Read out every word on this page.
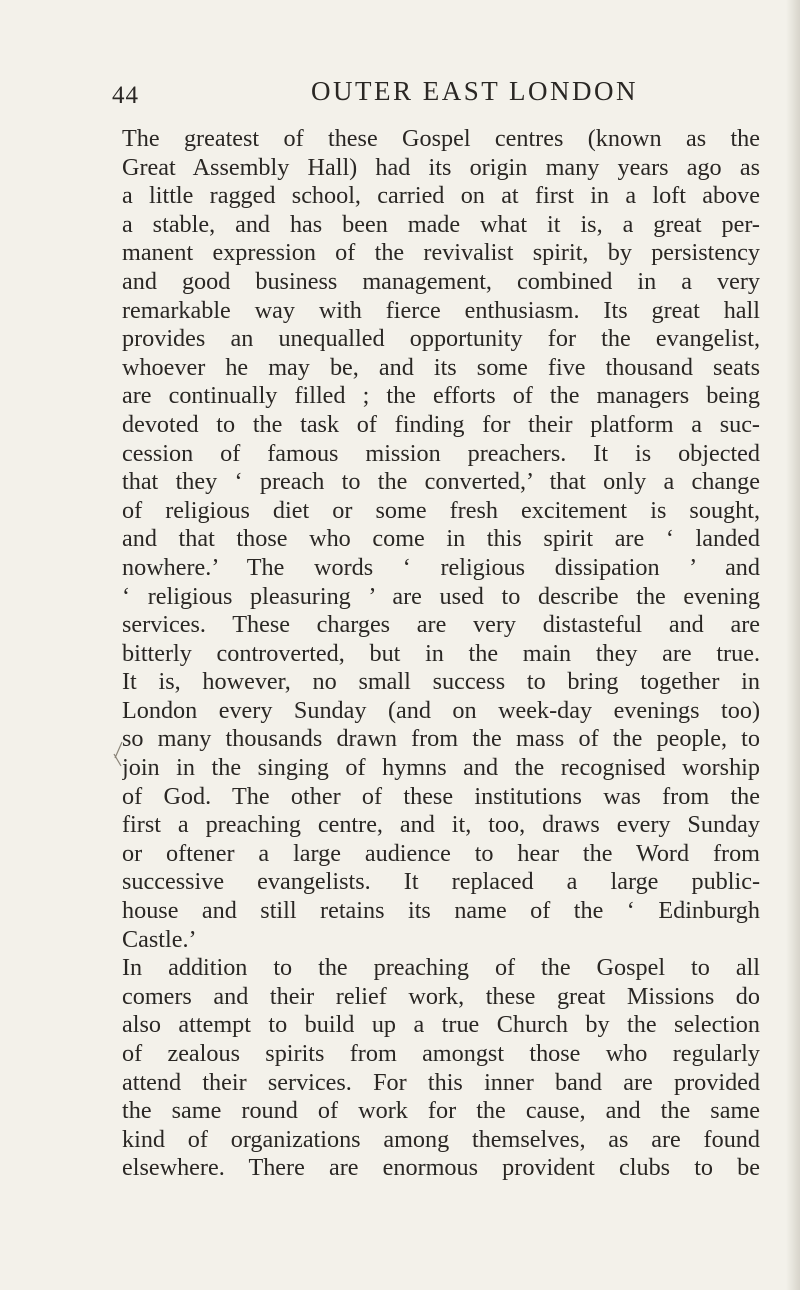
44	OUTER EAST LONDON
The greatest of these Gospel centres (known as the
Great Assembly Hall) had its origin many years ago as
a little ragged school, carried on at first in a loft above
a stable, and has been made what it is, a great per-
manent expression of the revivalist spirit, by persistency
and good business management, combined in a very
remarkable way with fierce enthusiasm. Its great hall
provides an unequalled opportunity for the evangelist,
whoever he may be, and its some five thousand seats
are continually filled ; the efforts of the managers being
devoted to the task of finding for their platform a suc-
cession of famous mission preachers. It is objected
that they ‘ preach to the converted,’ that only a change
of religious diet or some fresh excitement is sought,
and that those who come in this spirit are ‘ landed
nowhere.’ The words ‘ religious dissipation ’ and
‘ religious pleasuring ’ are used to describe the evening
services. These charges are very distasteful and are
bitterly controverted, but in the main they are true.
It is, however, no small success to bring together in
London every Sunday (and on week-day evenings too)
so many thousands drawn from the mass of the people, to
join in the singing of hymns and the recognised worship
of God. The other of these institutions was from the
first a preaching centre, and it, too, draws every Sunday
or oftener a large audience to hear the Word from
successive evangelists. It replaced a large public-
house and still retains its name of the ‘ Edinburgh
Castle.’
In addition to the preaching of the Gospel to all
comers and their relief work, these great Missions do
also attempt to build up a true Church by the selection
of zealous spirits from amongst those who regularly
attend their services. For this inner band are provided
the same round of work for the cause, and the same
kind of organizations among themselves, as are found
elsewhere. There are enormous provident clubs to be
